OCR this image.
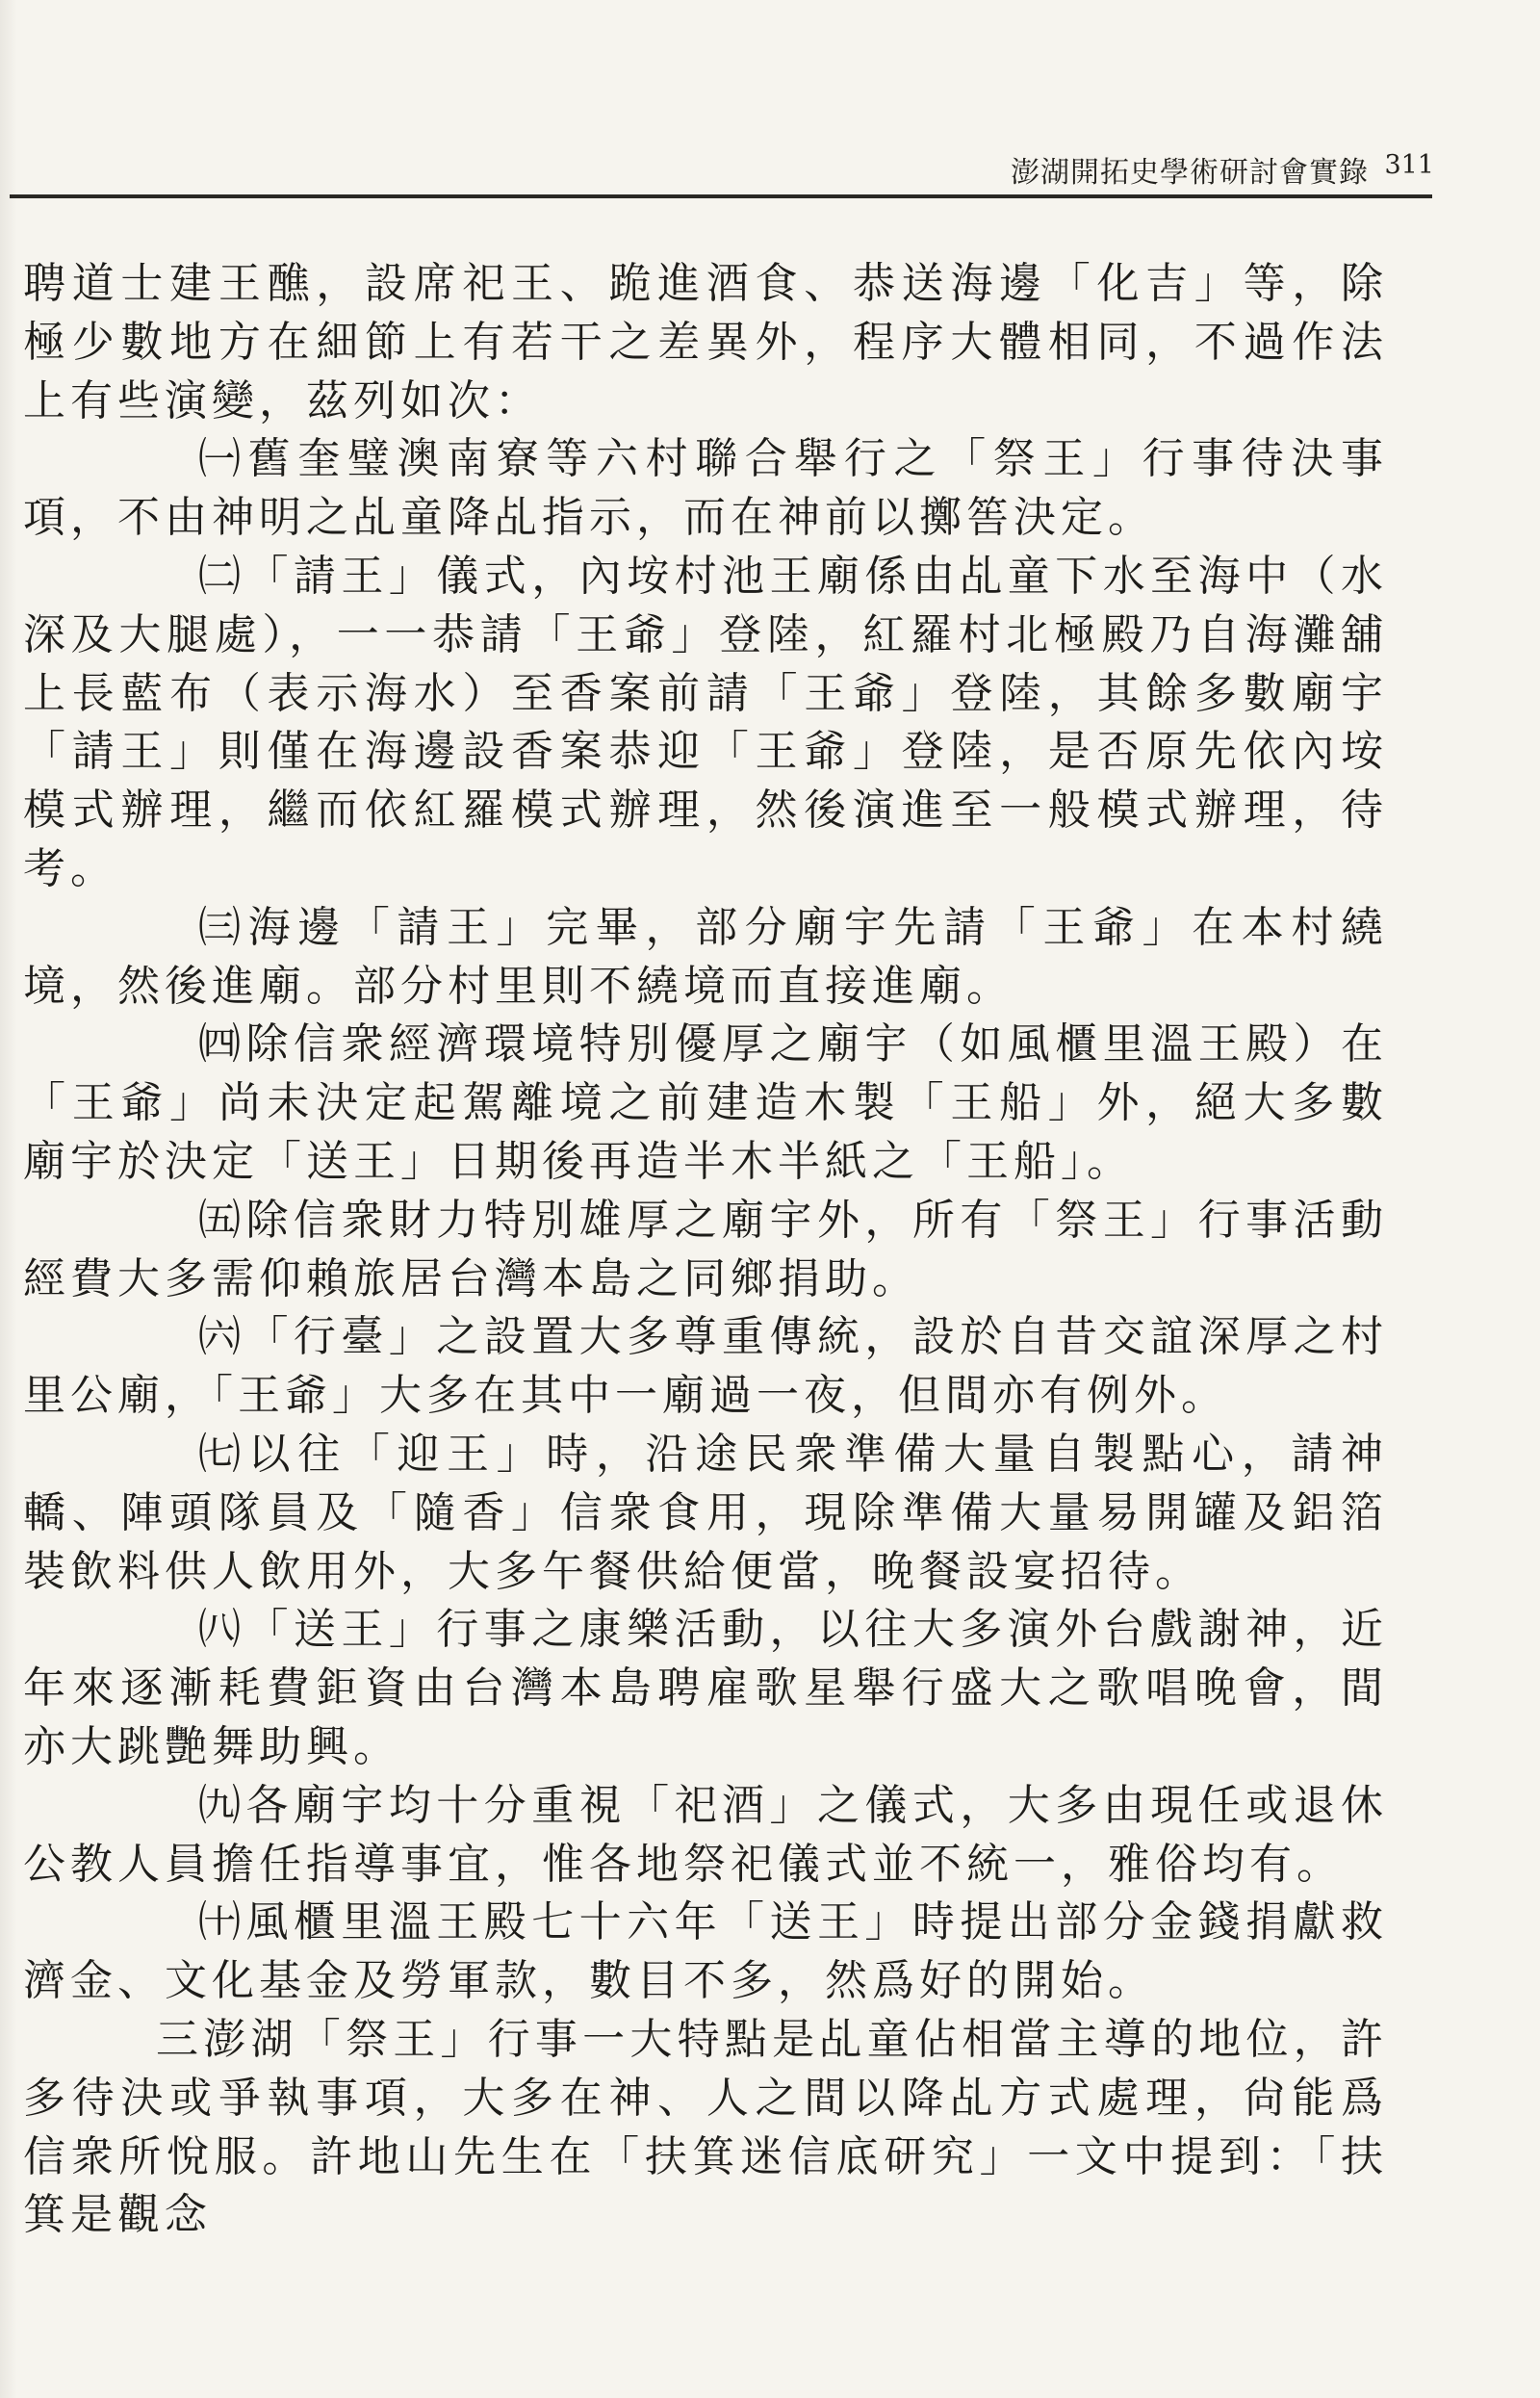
澎湖開拓史學術研討會實錄 311

聘道士建王醮，設席祀王、跪進酒食、恭送海邊「化吉」等，除極少數地方在細節上有若干之差異外，程序大體相同，不過作法上有些演變，茲列如次：

㈠舊奎璧澳南寮等六村聯合舉行之「祭王」行事待決事項，不由神明之乩童降乩指示，而在神前以擲筶決定。

㈡「請王」儀式，內垵村池王廟係由乩童下水至海中（水深及大腿處），一一恭請「王爺」登陸，紅羅村北極殿乃自海灘舖上長藍布（表示海水）至香案前請「王爺」登陸，其餘多數廟宇「請王」則僅在海邊設香案恭迎「王爺」登陸，是否原先依內垵模式辦理，繼而依紅羅模式辦理，然後演進至一般模式辦理，待考。

㈢海邊「請王」完畢，部分廟宇先請「王爺」在本村繞境，然後進廟。部分村里則不繞境而直接進廟。

㈣除信衆經濟環境特別優厚之廟宇（如風櫃里溫王殿）在「王爺」尚未決定起駕離境之前建造木製「王船」外，絕大多數廟宇於決定「送王」日期後再造半木半紙之「王船」。

㈤除信衆財力特別雄厚之廟宇外，所有「祭王」行事活動經費大多需仰賴旅居台灣本島之同鄉捐助。

㈥「行臺」之設置大多尊重傳統，設於自昔交誼深厚之村里公廟，「王爺」大多在其中一廟過一夜，但間亦有例外。

㈦以往「迎王」時，沿途民衆準備大量自製點心，請神轎、陣頭隊員及「隨香」信衆食用，現除準備大量易開罐及鋁箔裝飲料供人飲用外，大多午餐供給便當，晚餐設宴招待。

㈧「送王」行事之康樂活動，以往大多演外台戲謝神，近年來逐漸耗費鉅資由台灣本島聘雇歌星舉行盛大之歌唱晚會，間亦大跳艷舞助興。

㈨各廟宇均十分重視「祀酒」之儀式，大多由現任或退休公教人員擔任指導事宜，惟各地祭祀儀式並不統一，雅俗均有。

㈩風櫃里溫王殿七十六年「送王」時提出部分金錢捐獻救濟金、文化基金及勞軍款，數目不多，然爲好的開始。

三澎湖「祭王」行事一大特點是乩童佔相當主導的地位，許多待決或爭執事項，大多在神、人之間以降乩方式處理，尙能爲信衆所悅服。許地山先生在「扶箕迷信底研究」一文中提到：「扶箕是觀念
